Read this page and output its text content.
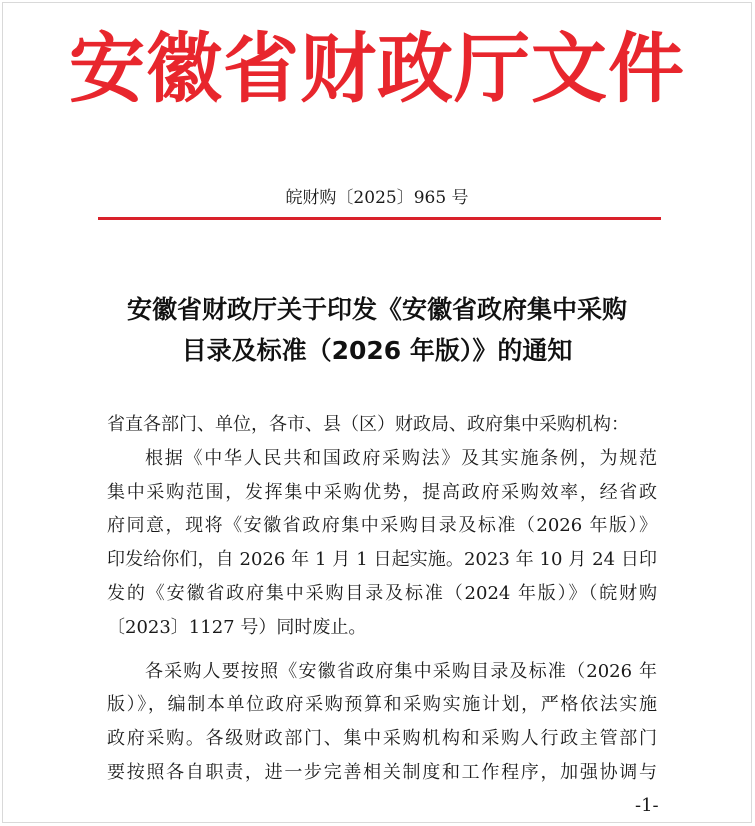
安徽省财政厅文件
皖财购〔2025〕965 号
安徽省财政厅关于印发《安徽省政府集中采购
目录及标准（2026 年版）》的通知
省直各部门、单位，各市、县（区）财政局、政府集中采购机构：
根据《中华人民共和国政府采购法》及其实施条例，为规范
集中采购范围，发挥集中采购优势，提高政府采购效率，经省政
府同意，现将《安徽省政府集中采购目录及标准（2026 年版）》
印发给你们，自 2026 年 1 月 1 日起实施。2023 年 10 月 24 日印
发的《安徽省政府集中采购目录及标准（2024 年版）》（皖财购
〔2023〕1127 号）同时废止。
各采购人要按照《安徽省政府集中采购目录及标准（2026 年
版）》，编制本单位政府采购预算和采购实施计划，严格依法实施
政府采购。各级财政部门、集中采购机构和采购人行政主管部门
要按照各自职责，进一步完善相关制度和工作程序，加强协调与
-1-
